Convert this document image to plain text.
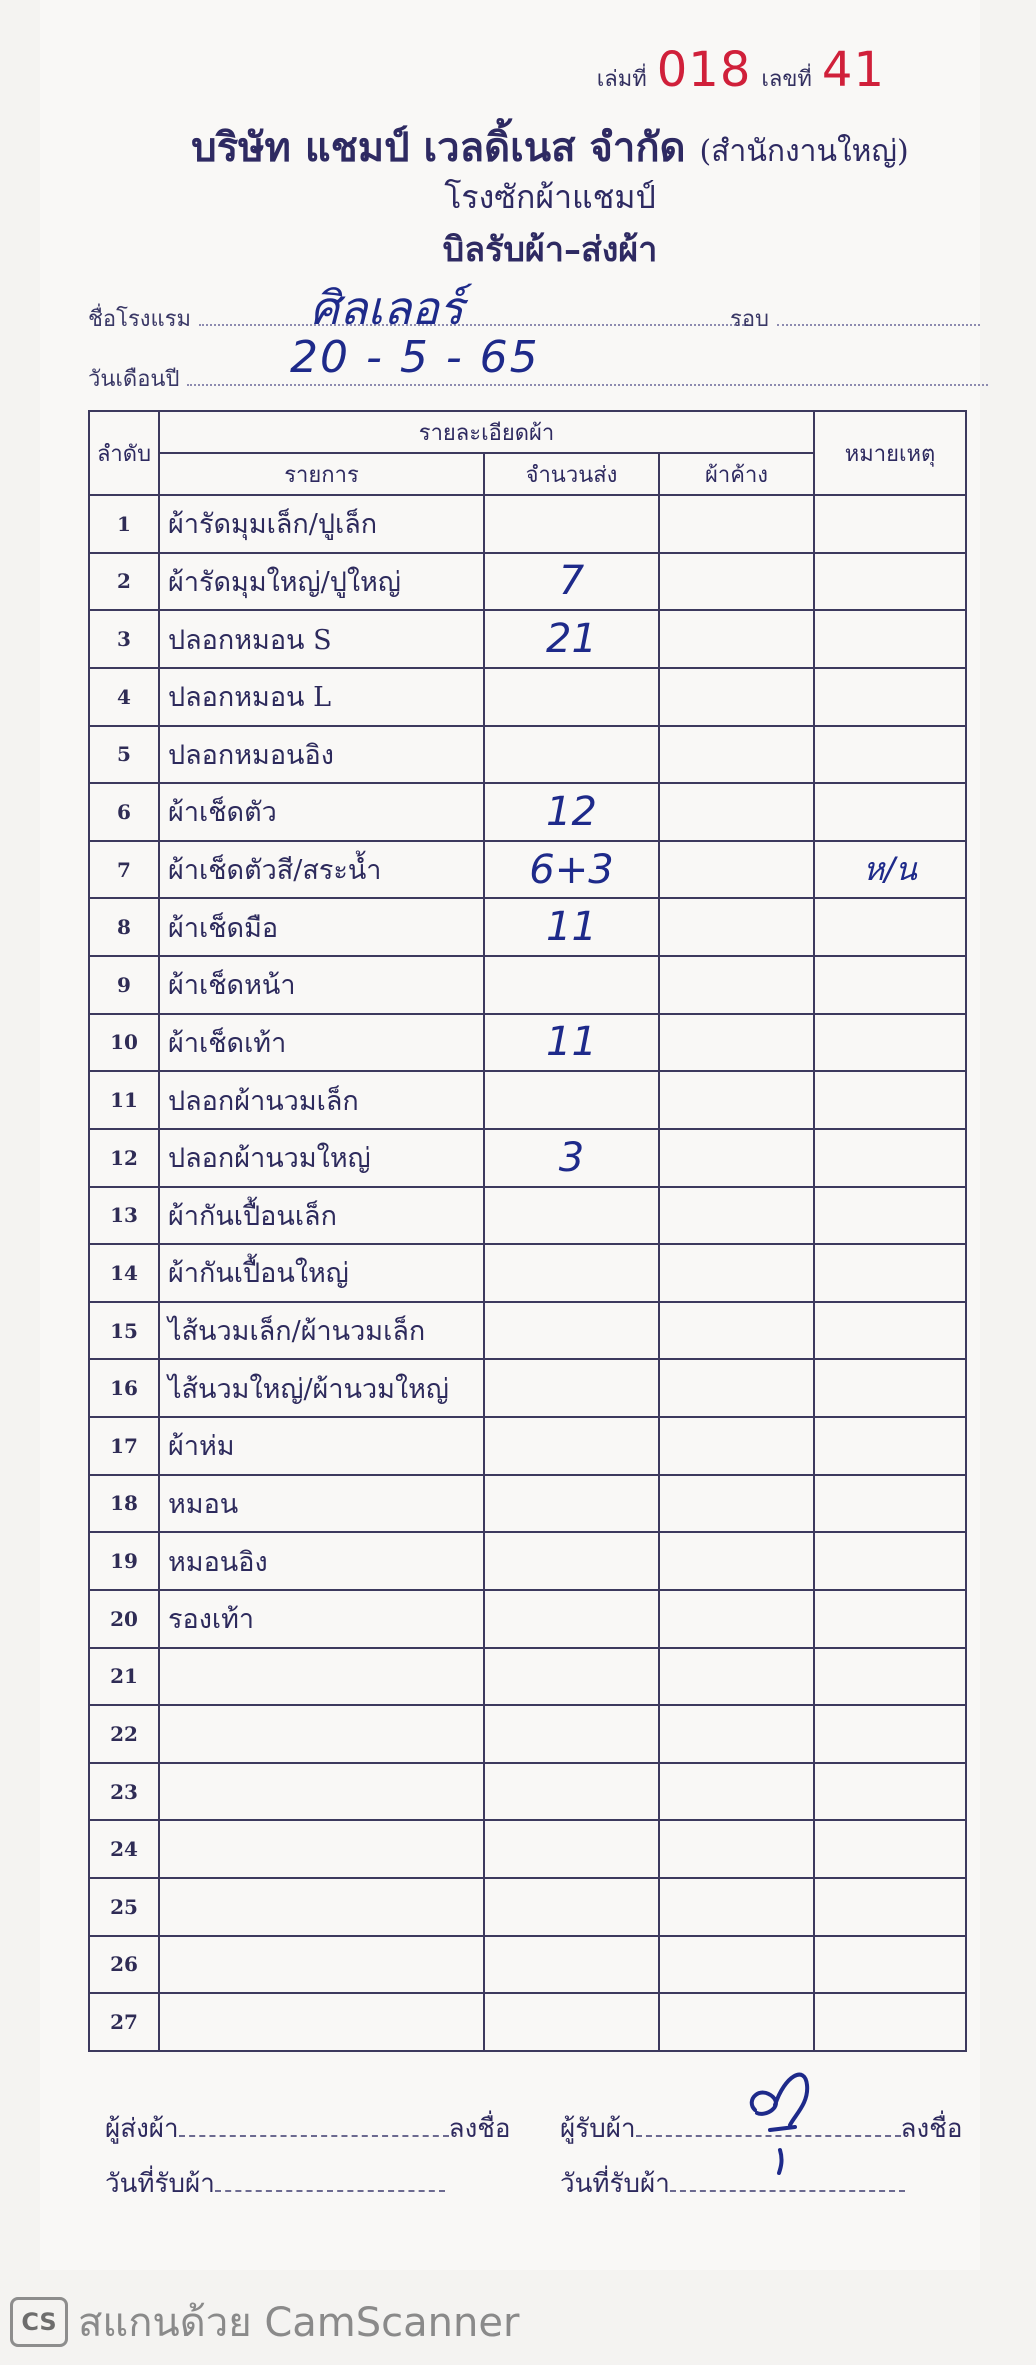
เล่มที่ 018 เลขที่ 41
บริษัท แชมป์ เวลดิ้เนส จำกัด (สำนักงานใหญ่)
โรงซักผ้าแชมป์
บิลรับผ้า–ส่งผ้า
ชื่อโรงแรม	ศิลเลอร์	รอบ
วันเดือนปี	20 - 5 - 65
ลำดับ	รายละเอียดผ้า			หมายเหตุ
	รายการ	จำนวนส่ง	ผ้าค้าง	
1	ผ้ารัดมุมเล็ก/ปูเล็ก			
2	ผ้ารัดมุมใหญ่/ปูใหญ่	7		
3	ปลอกหมอน S	21		
4	ปลอกหมอน L			
5	ปลอกหมอนอิง			
6	ผ้าเช็ดตัว	12		
7	ผ้าเช็ดตัวสี/สระน้ำ	6+3		ห/น
8	ผ้าเช็ดมือ	11		
9	ผ้าเช็ดหน้า			
10	ผ้าเช็ดเท้า	11		
11	ปลอกผ้านวมเล็ก			
12	ปลอกผ้านวมใหญ่	3		
13	ผ้ากันเปื้อนเล็ก			
14	ผ้ากันเปื้อนใหญ่			
15	ไส้นวมเล็ก/ผ้านวมเล็ก			
16	ไส้นวมใหญ่/ผ้านวมใหญ่			
17	ผ้าห่ม			
18	หมอน			
19	หมอนอิง			
20	รองเท้า			
21				
22				
23				
24				
25				
26				
27				
ผู้ส่งผ้า	ลงชื่อ
วันที่รับผ้า
ผู้รับผ้า	ลงชื่อ
วันที่รับผ้า
CS สแกนด้วย CamScanner
